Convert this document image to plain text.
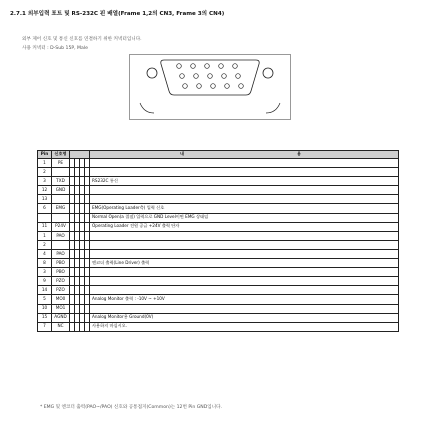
2.7.1 외부입력 포트 및 RS-232C 핀 배열(Frame 1,2의 CN3, Frame 3의 CN4)
외부 제어 신호 및 통신 신호를 연결하기 위한 커넥터입니다.
사용 커넥터 : D-Sub 15P, Male
Pin	신호명					내 용
1	PE					
2						
3	TXD					RS232C 통신
12	GND					
13						
6	EMG					EMG(Operating Loader측) 입력 신호
						Normal Open(a 접점) 입력으로 GND Level이면 EMG 상태임
11	P24V					Operating Loader 전원 공급 +24V 출력 단자
1	PAO					
2						
4	PAO					
8	PBO					엔코더 출력(Line Driver) 출력
3	PBO					
9	PZO					
14	PZO					
5	MO0					Analog Monitor 출력 : -10V ~ +10V
10	MO1					
15	AGND					Analog Monitor용 Ground(0V)
7	NC					사용하지 마십시오.
* EMG 및 엔코더 출력(PAO~/PAO) 신호와 공통접지(Common)는 12번 Pin GND입니다.
